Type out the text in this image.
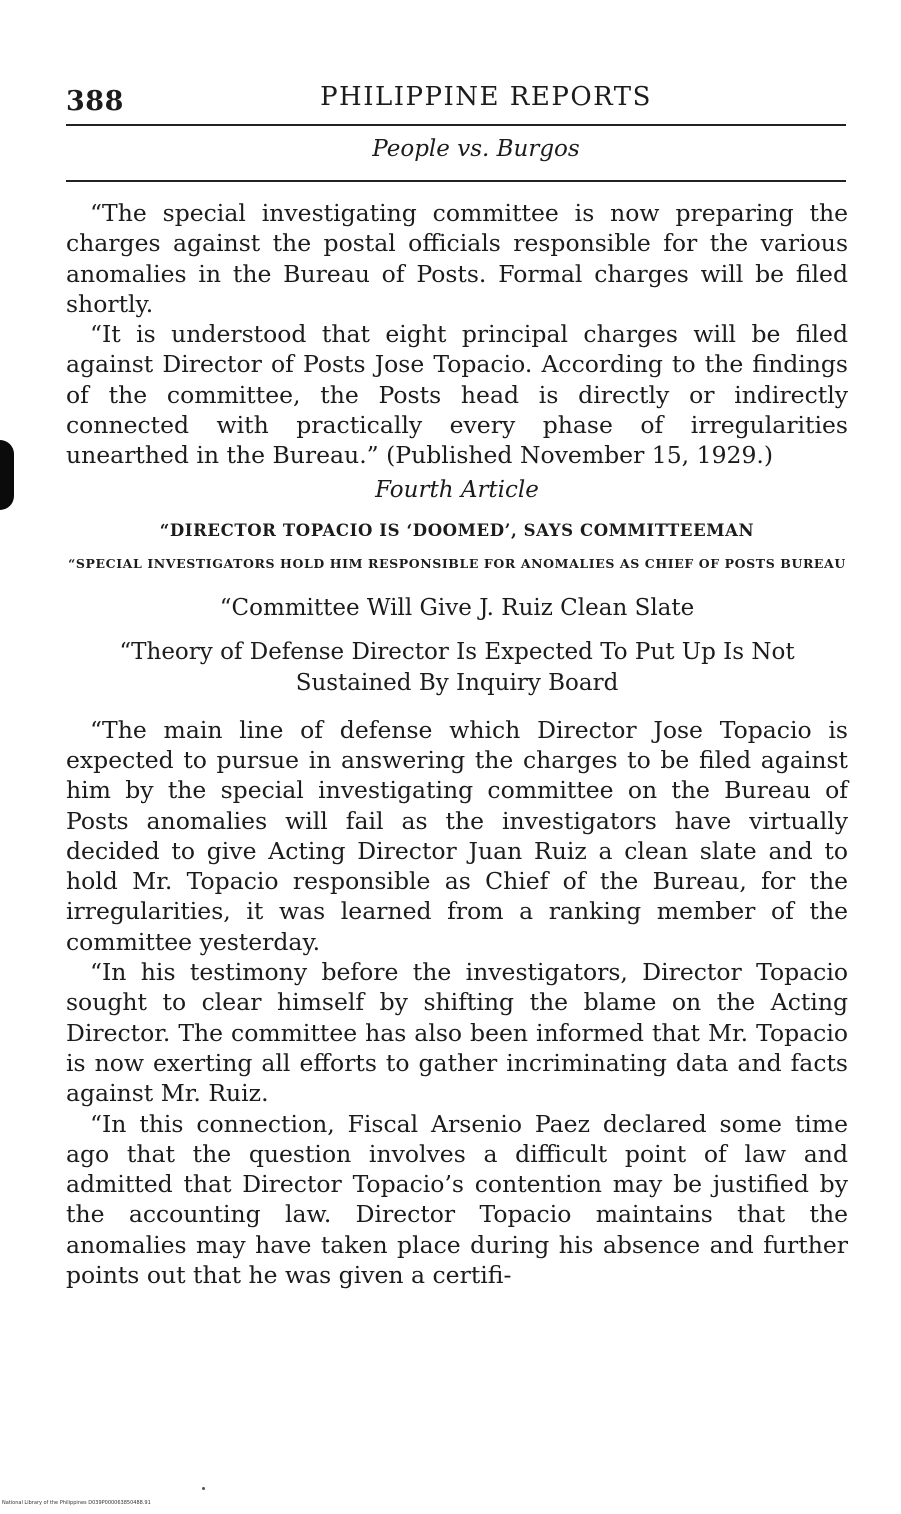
388	PHILIPPINE REPORTS
People vs. Burgos

“The special investigating committee is now preparing the charges against the postal officials responsible for the various anomalies in the Bureau of Posts. Formal charges will be filed shortly.

“It is understood that eight principal charges will be filed against Director of Posts Jose Topacio. According to the findings of the committee, the Posts head is directly or indirectly connected with practically every phase of irregularities unearthed in the Bureau.” (Published November 15, 1929.)

Fourth Article
“DIRECTOR TOPACIO IS ‘DOOMED’, SAYS COMMITTEEMAN
“SPECIAL INVESTIGATORS HOLD HIM RESPONSIBLE FOR ANOMALIES AS CHIEF OF POSTS BUREAU
“Committee Will Give J. Ruiz Clean Slate
“Theory of Defense Director Is Expected To Put Up Is Not Sustained By Inquiry Board

“The main line of defense which Director Jose Topacio is expected to pursue in answering the charges to be filed against him by the special investigating committee on the Bureau of Posts anomalies will fail as the investigators have virtually decided to give Acting Director Juan Ruiz a clean slate and to hold Mr. Topacio responsible as Chief of the Bureau, for the irregularities, it was learned from a ranking member of the committee yesterday.

“In his testimony before the investigators, Director Topacio sought to clear himself by shifting the blame on the Acting Director. The committee has also been informed that Mr. Topacio is now exerting all efforts to gather incriminating data and facts against Mr. Ruiz.

“In this connection, Fiscal Arsenio Paez declared some time ago that the question involves a difficult point of law and admitted that Director Topacio’s contention may be justified by the accounting law. Director Topacio maintains that the anomalies may have taken place during his absence and further points out that he was given a certifi-

National Library of the Philippines D039P000063850488.91
